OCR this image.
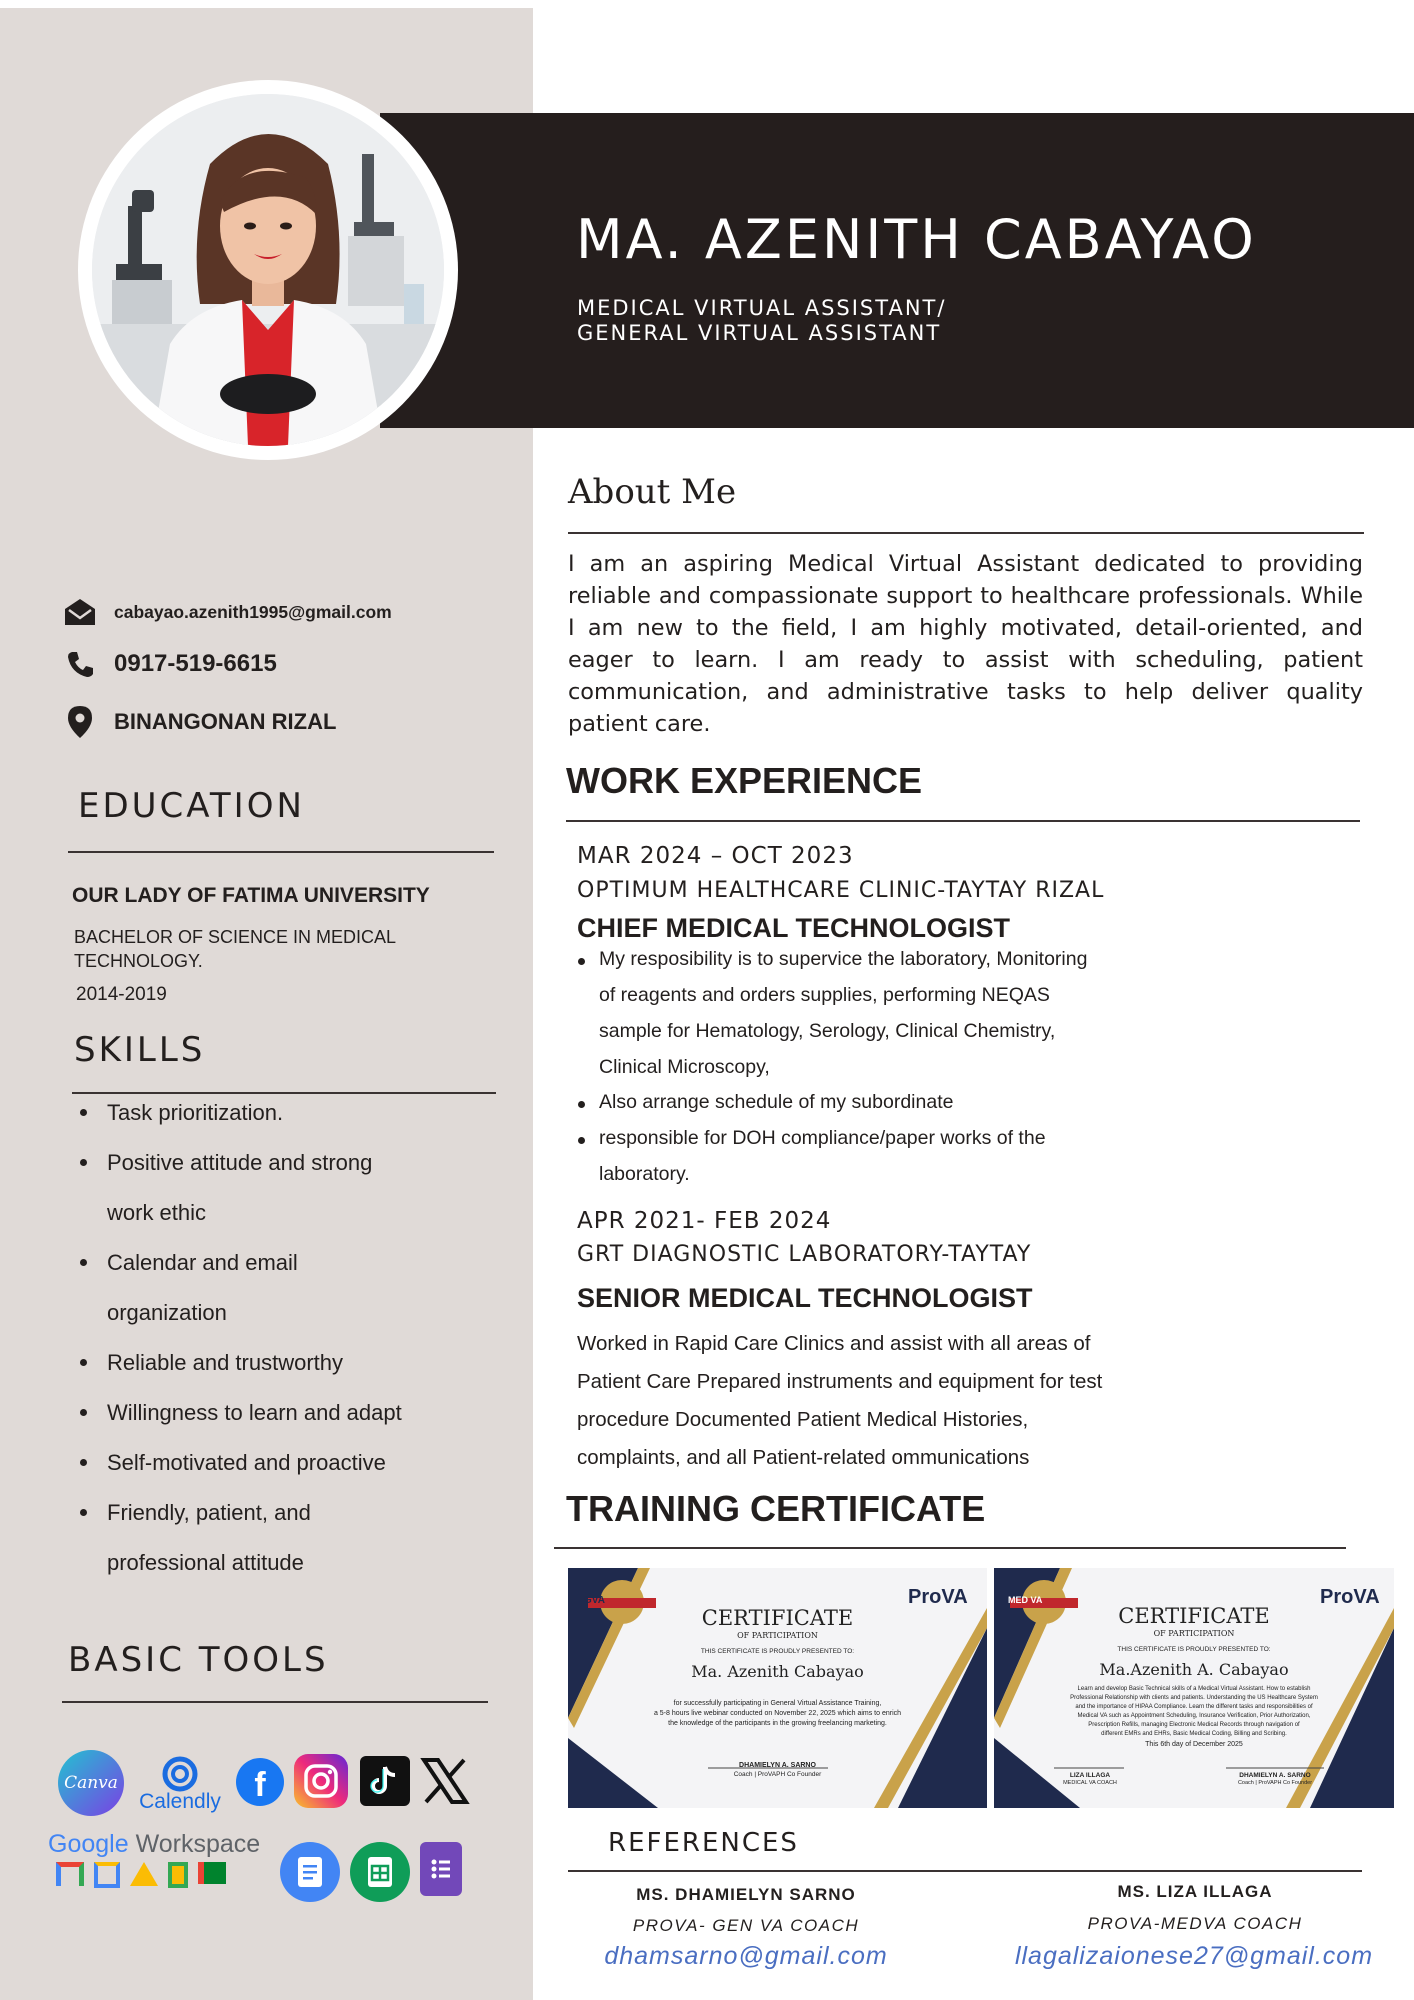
MA. AZENITH CABAYAO
MEDICAL VIRTUAL ASSISTANT/
GENERAL VIRTUAL ASSISTANT
cabayao.azenith1995@gmail.com
0917-519-6615
BINANGONAN RIZAL
EDUCATION
OUR LADY OF FATIMA UNIVERSITY
BACHELOR OF SCIENCE IN MEDICAL
TECHNOLOGY.
2014-2019
SKILLS
Task prioritization.
Positive attitude and strong
work ethic
Calendar and email
organization
Reliable and trustworthy
Willingness to learn and adapt
Self-motivated and proactive
Friendly, patient, and
professional attitude
BASIC TOOLS
Canva
Calendly f
Google Workspace
About Me
I am an aspiring Medical Virtual Assistant dedicated to providing reliable and compassionate support to healthcare professionals. While I am new to the field, I am highly motivated, detail-oriented, and eager to learn. I am ready to assist with scheduling, patient communication, and administrative tasks to help deliver quality patient care.
WORK EXPERIENCE
MAR 2024 – OCT 2023
OPTIMUM HEALTHCARE CLINIC-TAYTAY RIZAL
CHIEF MEDICAL TECHNOLOGIST
My resposibility is to supervice the laboratory, Monitoring
of reagents and orders supplies, performing NEQAS
sample for Hematology, Serology, Clinical Chemistry,
Clinical Microscopy,
Also arrange schedule of my subordinate
responsible for DOH compliance/paper works of the
laboratory.
APR 2021- FEB 2024
GRT DIAGNOSTIC LABORATORY-TAYTAY
SENIOR MEDICAL TECHNOLOGIST
Worked in Rapid Care Clinics and assist with all areas of
Patient Care Prepared instruments and equipment for test
procedure Documented Patient Medical Histories,
complaints, and all Patient-related ommunications
TRAINING CERTIFICATE
GVA	ProVA
CERTIFICATE
OF PARTICIPATION
THIS CERTIFICATE IS PROUDLY PRESENTED TO:
Ma. Azenith Cabayao
for successfully participating in General Virtual Assistance Training,
a 5-8 hours live webinar conducted on November 22, 2025 which aims to enrich
the knowledge of the participants in the growing freelancing marketing.
DHAMIELYN A. SARNO
Coach | ProVAPH Co Founder
MED VA	ProVA
CERTIFICATE
OF PARTICIPATION
THIS CERTIFICATE IS PROUDLY PRESENTED TO:
Ma.Azenith A. Cabayao
Learn and develop Basic Technical skills of a Medical Virtual Assistant. How to establish
Professional Relationship with clients and patients. Understanding the US Healthcare System
and the importance of HIPAA Compliance. Learn the different tasks and responsibilities of
Medical VA such as Appointment Scheduling, Insurance Verification, Prior Authorization,
Prescription Refills, managing Electronic Medical Records through navigation of
different EMRs and EHRs, Basic Medical Coding, Billing and Scribing.
This 6th day of December 2025
LIZA ILLAGA
MEDICAL VA COACH
DHAMIELYN A. SARNO
Coach | ProVAPH Co Founder
REFERENCES
MS. DHAMIELYN SARNO
PROVA- GEN VA COACH
dhamsarno@gmail.com
MS. LIZA ILLAGA
PROVA-MEDVA COACH
llagalizaionese27@gmail.com
